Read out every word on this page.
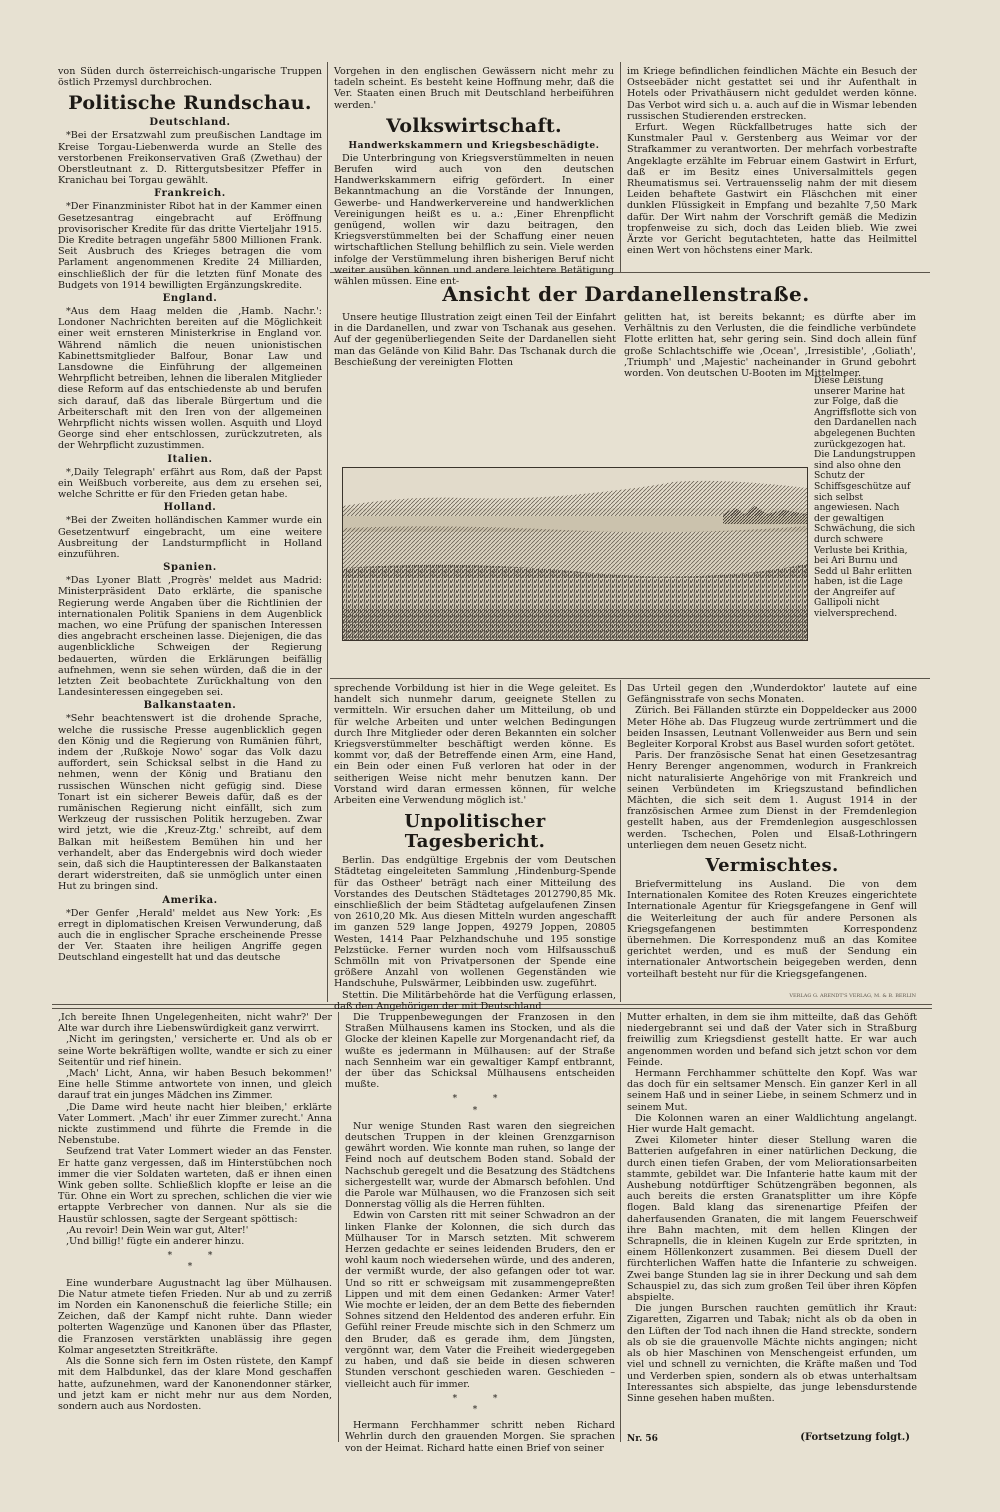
von Süden durch österreichisch-ungarische Truppen östlich Przemysl durchbrochen.

Politische Rundschau.
Deutschland.

*Bei der Ersatzwahl zum preußischen Landtage im Kreise Torgau-Liebenwerda wurde an Stelle des verstorbenen Freikonservativen Graß (Zwethau) der Oberstleutnant z. D. Rittergutsbesitzer Pfeffer in Kranichau bei Torgau gewählt.

Frankreich.

*Der Finanzminister Ribot hat in der Kammer einen Gesetzesantrag eingebracht auf Eröffnung provisorischer Kredite für das dritte Vierteljahr 1915. Die Kredite betragen ungefähr 5800 Millionen Frank. Seit Ausbruch des Krieges betragen die vom Parlament angenommenen Kredite 24 Milliarden, einschließlich der für die letzten fünf Monate des Budgets von 1914 bewilligten Ergänzungskredite.

England.

*Aus dem Haag melden die ‚Hamb. Nachr.': Londoner Nachrichten bereiten auf die Möglichkeit einer weit ernsteren Ministerkrise in England vor. Während nämlich die neuen unionistischen Kabinettsmitglieder Balfour, Bonar Law und Lansdowne die Einführung der allgemeinen Wehrpflicht betreiben, lehnen die liberalen Mitglieder diese Reform auf das entschiedenste ab und berufen sich darauf, daß das liberale Bürgertum und die Arbeiterschaft mit den Iren von der allgemeinen Wehrpflicht nichts wissen wollen. Asquith und Lloyd George sind eher entschlossen, zurückzutreten, als der Wehrpflicht zuzustimmen.

Italien.

*‚Daily Telegraph' erfährt aus Rom, daß der Papst ein Weißbuch vorbereite, aus dem zu ersehen sei, welche Schritte er für den Frieden getan habe.

Holland.

*Bei der Zweiten holländischen Kammer wurde ein Gesetzentwurf eingebracht, um eine weitere Ausbreitung der Landsturmpflicht in Holland einzuführen.

Spanien.

*Das Lyoner Blatt ‚Progrès' meldet aus Madrid: Ministerpräsident Dato erklärte, die spanische Regierung werde Angaben über die Richtlinien der internationalen Politik Spaniens in dem Augenblick machen, wo eine Prüfung der spanischen Interessen dies angebracht erscheinen lasse. Diejenigen, die das augenblickliche Schweigen der Regierung bedauerten, würden die Erklärungen beifällig aufnehmen, wenn sie sehen würden, daß die in der letzten Zeit beobachtete Zurückhaltung von den Landesinteressen eingegeben sei.

Balkanstaaten.

*Sehr beachtenswert ist die drohende Sprache, welche die russische Presse augenblicklich gegen den König und die Regierung von Rumänien führt, indem der ‚Rußkoje Nowo' sogar das Volk dazu auffordert, sein Schicksal selbst in die Hand zu nehmen, wenn der König und Bratianu den russischen Wünschen nicht gefügig sind. Diese Tonart ist ein sicherer Beweis dafür, daß es der rumänischen Regierung nicht einfällt, sich zum Werkzeug der russischen Politik herzugeben. Zwar wird jetzt, wie die ‚Kreuz-Ztg.' schreibt, auf dem Balkan mit heißestem Bemühen hin und her verhandelt, aber das Endergebnis wird doch wieder sein, daß sich die Hauptinteressen der Balkanstaaten derart widerstreiten, daß sie unmöglich unter einen Hut zu bringen sind.

Amerika.

*Der Genfer ‚Herald' meldet aus New York: ‚Es erregt in diplomatischen Kreisen Verwunderung, daß auch die in englischer Sprache erscheinende Presse der Ver. Staaten ihre heiligen Angriffe gegen Deutschland eingestellt hat und das deutsche

Vorgehen in den englischen Gewässern nicht mehr zu tadeln scheint. Es besteht keine Hoffnung mehr, daß die Ver. Staaten einen Bruch mit Deutschland herbeiführen werden.'

Volkswirtschaft.
Handwerkskammern und Kriegsbeschädigte.

Die Unterbringung von Kriegsverstümmelten in neuen Berufen wird auch von den deutschen Handwerkskammern eifrig gefördert. In einer Bekanntmachung an die Vorstände der Innungen, Gewerbe- und Handwerkervereine und handwerklichen Vereinigungen heißt es u. a.: ‚Einer Ehrenpflicht genügend, wollen wir dazu beitragen, den Kriegsverstümmelten bei der Schaffung einer neuen wirtschaftlichen Stellung behilflich zu sein. Viele werden infolge der Verstümmelung ihren bisherigen Beruf nicht weiter ausüben können und andere leichtere Betätigung wählen müssen. Eine ent-

im Kriege befindlichen feindlichen Mächte ein Besuch der Ostseebäder nicht gestattet sei und ihr Aufenthalt in Hotels oder Privathäusern nicht geduldet werden könne. Das Verbot wird sich u. a. auch auf die in Wismar lebenden russischen Studierenden erstrecken.

Erfurt. Wegen Rückfallbetruges hatte sich der Kunstmaler Paul v. Gerstenberg aus Weimar vor der Strafkammer zu verantworten. Der mehrfach vorbestrafte Angeklagte erzählte im Februar einem Gastwirt in Erfurt, daß er im Besitz eines Universalmittels gegen Rheumatismus sei. Vertrauensselig nahm der mit diesem Leiden behaftete Gastwirt ein Fläschchen mit einer dunklen Flüssigkeit in Empfang und bezahlte 7,50 Mark dafür. Der Wirt nahm der Vorschrift gemäß die Medizin tropfenweise zu sich, doch das Leiden blieb. Wie zwei Ärzte vor Gericht begutachteten, hatte das Heilmittel einen Wert von höchstens einer Mark.

Ansicht der Dardanellenstraße.

Unsere heutige Illustration zeigt einen Teil der Einfahrt in die Dardanellen, und zwar von Tschanak aus gesehen. Auf der gegenüberliegenden Seite der Dardanellen sieht man das Gelände von Kilid Bahr. Das Tschanak durch die Beschießung der vereinigten Flotten

gelitten hat, ist bereits bekannt; es dürfte aber im Verhältnis zu den Verlusten, die die feindliche verbündete Flotte erlitten hat, sehr gering sein. Sind doch allein fünf große Schlachtschiffe wie ‚Ocean', ‚Irresistible', ‚Goliath', ‚Triumph' und ‚Majestic' nacheinander in Grund gebohrt worden. Von deutschen U-Booten im Mittelmeer.

Diese Leistung unserer Marine hat zur Folge, daß die Angriffsflotte sich von den Dardanellen nach abgelegenen Buchten zurückgezogen hat. Die Landungstruppen sind also ohne den Schutz der Schiffsgeschütze auf sich selbst angewiesen. Nach der gewaltigen Schwächung, die sich durch schwere Verluste bei Krithia, bei Ari Burnu und Sedd ul Bahr erlitten haben, ist die Lage der Angreifer auf Gallipoli nicht vielversprechend.

sprechende Vorbildung ist hier in die Wege geleitet. Es handelt sich nunmehr darum, geeignete Stellen zu vermitteln. Wir ersuchen daher um Mitteilung, ob und für welche Arbeiten und unter welchen Bedingungen durch Ihre Mitglieder oder deren Bekannten ein solcher Kriegsverstümmelter beschäftigt werden könne. Es kommt vor, daß der Betreffende einen Arm, eine Hand, ein Bein oder einen Fuß verloren hat oder in der seitherigen Weise nicht mehr benutzen kann. Der Vorstand wird daran ermessen können, für welche Arbeiten eine Verwendung möglich ist.'

Unpolitischer Tagesbericht.

Berlin. Das endgültige Ergebnis der vom Deutschen Städtetag eingeleiteten Sammlung ‚Hindenburg-Spende für das Ostheer' beträgt nach einer Mitteilung des Vorstandes des Deutschen Städtetages 2012790,85 Mk. einschließlich der beim Städtetag aufgelaufenen Zinsen von 2610,20 Mk. Aus diesen Mitteln wurden angeschafft im ganzen 529 lange Joppen, 49279 Joppen, 20805 Westen, 1414 Paar Pelzhandschuhe und 195 sonstige Pelzstücke. Ferner wurden noch vom Hilfsausschuß Schmölln mit von Privatpersonen der Spende eine größere Anzahl von wollenen Gegenständen wie Handschuhe, Pulswärmer, Leibbinden usw. zugeführt.

Stettin. Die Militärbehörde hat die Verfügung erlassen, daß den Angehörigen der mit Deutschland

Das Urteil gegen den ‚Wunderdoktor' lautete auf eine Gefängnisstrafe von sechs Monaten.

Zürich. Bei Fällanden stürzte ein Doppeldecker aus 2000 Meter Höhe ab. Das Flugzeug wurde zertrümmert und die beiden Insassen, Leutnant Vollenweider aus Bern und sein Begleiter Korporal Krobst aus Basel wurden sofort getötet.

Paris. Der französische Senat hat einen Gesetzesantrag Henry Berenger angenommen, wodurch in Frankreich nicht naturalisierte Angehörige von mit Frankreich und seinen Verbündeten im Kriegszustand befindlichen Mächten, die sich seit dem 1. August 1914 in der französischen Armee zum Dienst in der Fremdenlegion gestellt haben, aus der Fremdenlegion ausgeschlossen werden. Tschechen, Polen und Elsaß-Lothringern unterliegen dem neuen Gesetz nicht.

Vermischtes.

Briefvermittelung ins Ausland. Die von dem Internationalen Komitee des Roten Kreuzes eingerichtete Internationale Agentur für Kriegsgefangene in Genf will die Weiterleitung der auch für andere Personen als Kriegsgefangenen bestimmten Korrespondenz übernehmen. Die Korrespondenz muß an das Komitee gerichtet werden, und es muß der Sendung ein internationaler Antwortschein beigegeben werden, denn vorteilhaft besteht nur für die Kriegsgefangenen.

VERLAG G. ARENDT'S VERLAG, M. & B. BERLIN

‚Ich bereite Ihnen Ungelegenheiten, nicht wahr?' Der Alte war durch ihre Liebenswürdigkeit ganz verwirrt.

‚Nicht im geringsten,' versicherte er. Und als ob er seine Worte bekräftigen wollte, wandte er sich zu einer Seitentür und rief hinein.

‚Mach' Licht, Anna, wir haben Besuch bekommen!' Eine helle Stimme antwortete von innen, und gleich darauf trat ein junges Mädchen ins Zimmer.

‚Die Dame wird heute nacht hier bleiben,' erklärte Vater Lommert. ‚Mach' ihr euer Zimmer zurecht.' Anna nickte zustimmend und führte die Fremde in die Nebenstube.

Seufzend trat Vater Lommert wieder an das Fenster. Er hatte ganz vergessen, daß im Hinterstübchen noch immer die vier Soldaten warteten, daß er ihnen einen Wink geben sollte. Schließlich klopfte er leise an die Tür. Ohne ein Wort zu sprechen, schlichen die vier wie ertappte Verbrecher von dannen. Nur als sie die Haustür schlossen, sagte der Sergeant spöttisch:

‚Au revoir! Dein Wein war gut, Alter!'

‚Und billig!' fügte ein anderer hinzu.

*  *
*

Eine wunderbare Augustnacht lag über Mülhausen. Die Natur atmete tiefen Frieden. Nur ab und zu zerriß im Norden ein Kanonenschuß die feierliche Stille; ein Zeichen, daß der Kampf nicht ruhte. Dann wieder polterten Wagenzüge und Kanonen über das Pflaster, die Franzosen verstärkten unablässig ihre gegen Kolmar angesetzten Streitkräfte.

Als die Sonne sich fern im Osten rüstete, den Kampf mit dem Halbdunkel, das der klare Mond geschaffen hatte, aufzunehmen, ward der Kanonendonner stärker, und jetzt kam er nicht mehr nur aus dem Norden, sondern auch aus Nordosten.

Die Truppenbewegungen der Franzosen in den Straßen Mülhausens kamen ins Stocken, und als die Glocke der kleinen Kapelle zur Morgenandacht rief, da wußte es jedermann in Mülhausen: auf der Straße nach Sennheim war ein gewaltiger Kampf entbrannt, der über das Schicksal Mülhausens entscheiden mußte.

*  *
*

Nur wenige Stunden Rast waren den siegreichen deutschen Truppen in der kleinen Grenzgarnison gewährt worden. Wie konnte man ruhen, so lange der Feind noch auf deutschem Boden stand. Sobald der Nachschub geregelt und die Besatzung des Städtchens sichergestellt war, wurde der Abmarsch befohlen. Und die Parole war Mülhausen, wo die Franzosen sich seit Donnerstag völlig als die Herren fühlten.

Edwin von Carsten ritt mit seiner Schwadron an der linken Flanke der Kolonnen, die sich durch das Mülhauser Tor in Marsch setzten. Mit schwerem Herzen gedachte er seines leidenden Bruders, den er wohl kaum noch wiedersehen würde, und des anderen, der vermißt wurde, der also gefangen oder tot war. Und so ritt er schweigsam mit zusammengepreßten Lippen und mit dem einen Gedanken: Armer Vater! Wie mochte er leiden, der an dem Bette des fiebernden Sohnes sitzend den Heldentod des anderen erfuhr. Ein Gefühl reiner Freude mischte sich in den Schmerz um den Bruder, daß es gerade ihm, dem Jüngsten, vergönnt war, dem Vater die Freiheit wiedergegeben zu haben, und daß sie beide in diesen schweren Stunden verschont geschieden waren. Geschieden – vielleicht auch für immer.

*  *
*

Hermann Ferchhammer schritt neben Richard Wehrlin durch den grauenden Morgen. Sie sprachen von der Heimat. Richard hatte einen Brief von seiner

Mutter erhalten, in dem sie ihm mitteilte, daß das Gehöft niedergebrannt sei und daß der Vater sich in Straßburg freiwillig zum Kriegsdienst gestellt hatte. Er war auch angenommen worden und befand sich jetzt schon vor dem Feinde.

Hermann Ferchhammer schüttelte den Kopf. Was war das doch für ein seltsamer Mensch. Ein ganzer Kerl in all seinem Haß und in seiner Liebe, in seinem Schmerz und in seinem Mut.

Die Kolonnen waren an einer Waldlichtung angelangt. Hier wurde Halt gemacht.

Zwei Kilometer hinter dieser Stellung waren die Batterien aufgefahren in einer natürlichen Deckung, die durch einen tiefen Graben, der vom Meliorationsarbeiten stammte, gebildet war. Die Infanterie hatte kaum mit der Aushebung notdürftiger Schützengräben begonnen, als auch bereits die ersten Granatsplitter um ihre Köpfe flogen. Bald klang das sirenenartige Pfeifen der daherfausenden Granaten, die mit langem Feuerschweif ihre Bahn machten, mit dem hellen Klingen der Schrapnells, die in kleinen Kugeln zur Erde spritzten, in einem Höllenkonzert zusammen. Bei diesem Duell der fürchterlichen Waffen hatte die Infanterie zu schweigen. Zwei bange Stunden lag sie in ihrer Deckung und sah dem Schauspiel zu, das sich zum großen Teil über ihren Köpfen abspielte.

Die jungen Burschen rauchten gemütlich ihr Kraut: Zigaretten, Zigarren und Tabak; nicht als ob da oben in den Lüften der Tod nach ihnen die Hand streckte, sondern als ob sie die grauenvolle Mächte nichts angingen; nicht als ob hier Maschinen von Menschengeist erfunden, um viel und schnell zu vernichten, die Kräfte maßen und Tod und Verderben spien, sondern als ob etwas unterhaltsam Interessantes sich abspielte, das junge lebensdurstende Sinne gesehen haben mußten.

Nr. 56	(Fortsetzung folgt.)
